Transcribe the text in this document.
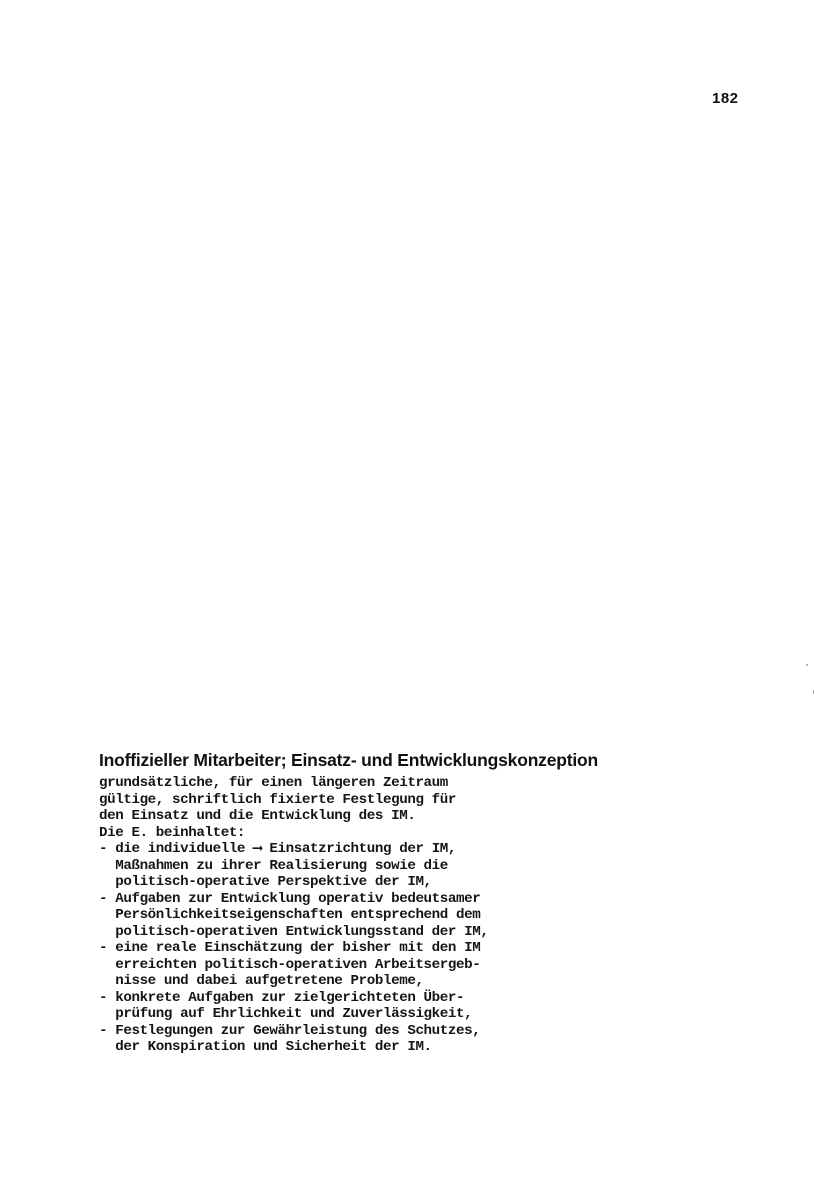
182
Inoffizieller Mitarbeiter; Einsatz- und Entwicklungskonzeption
grundsätzliche, für einen längeren Zeitraum
gültige, schriftlich fixierte Festlegung für
den Einsatz und die Entwicklung des IM.
Die E. beinhaltet:
- die individuelle ⟶ Einsatzrichtung der IM,
Maßnahmen zu ihrer Realisierung sowie die
politisch-operative Perspektive der IM,
- Aufgaben zur Entwicklung operativ bedeutsamer
Persönlichkeitseigenschaften entsprechend dem
politisch-operativen Entwicklungsstand der IM,
- eine reale Einschätzung der bisher mit den IM
erreichten politisch-operativen Arbeitsergeb-
nisse und dabei aufgetretene Probleme,
- konkrete Aufgaben zur zielgerichteten Über-
prüfung auf Ehrlichkeit und Zuverlässigkeit,
- Festlegungen zur Gewährleistung des Schutzes,
der Konspiration und Sicherheit der IM.
